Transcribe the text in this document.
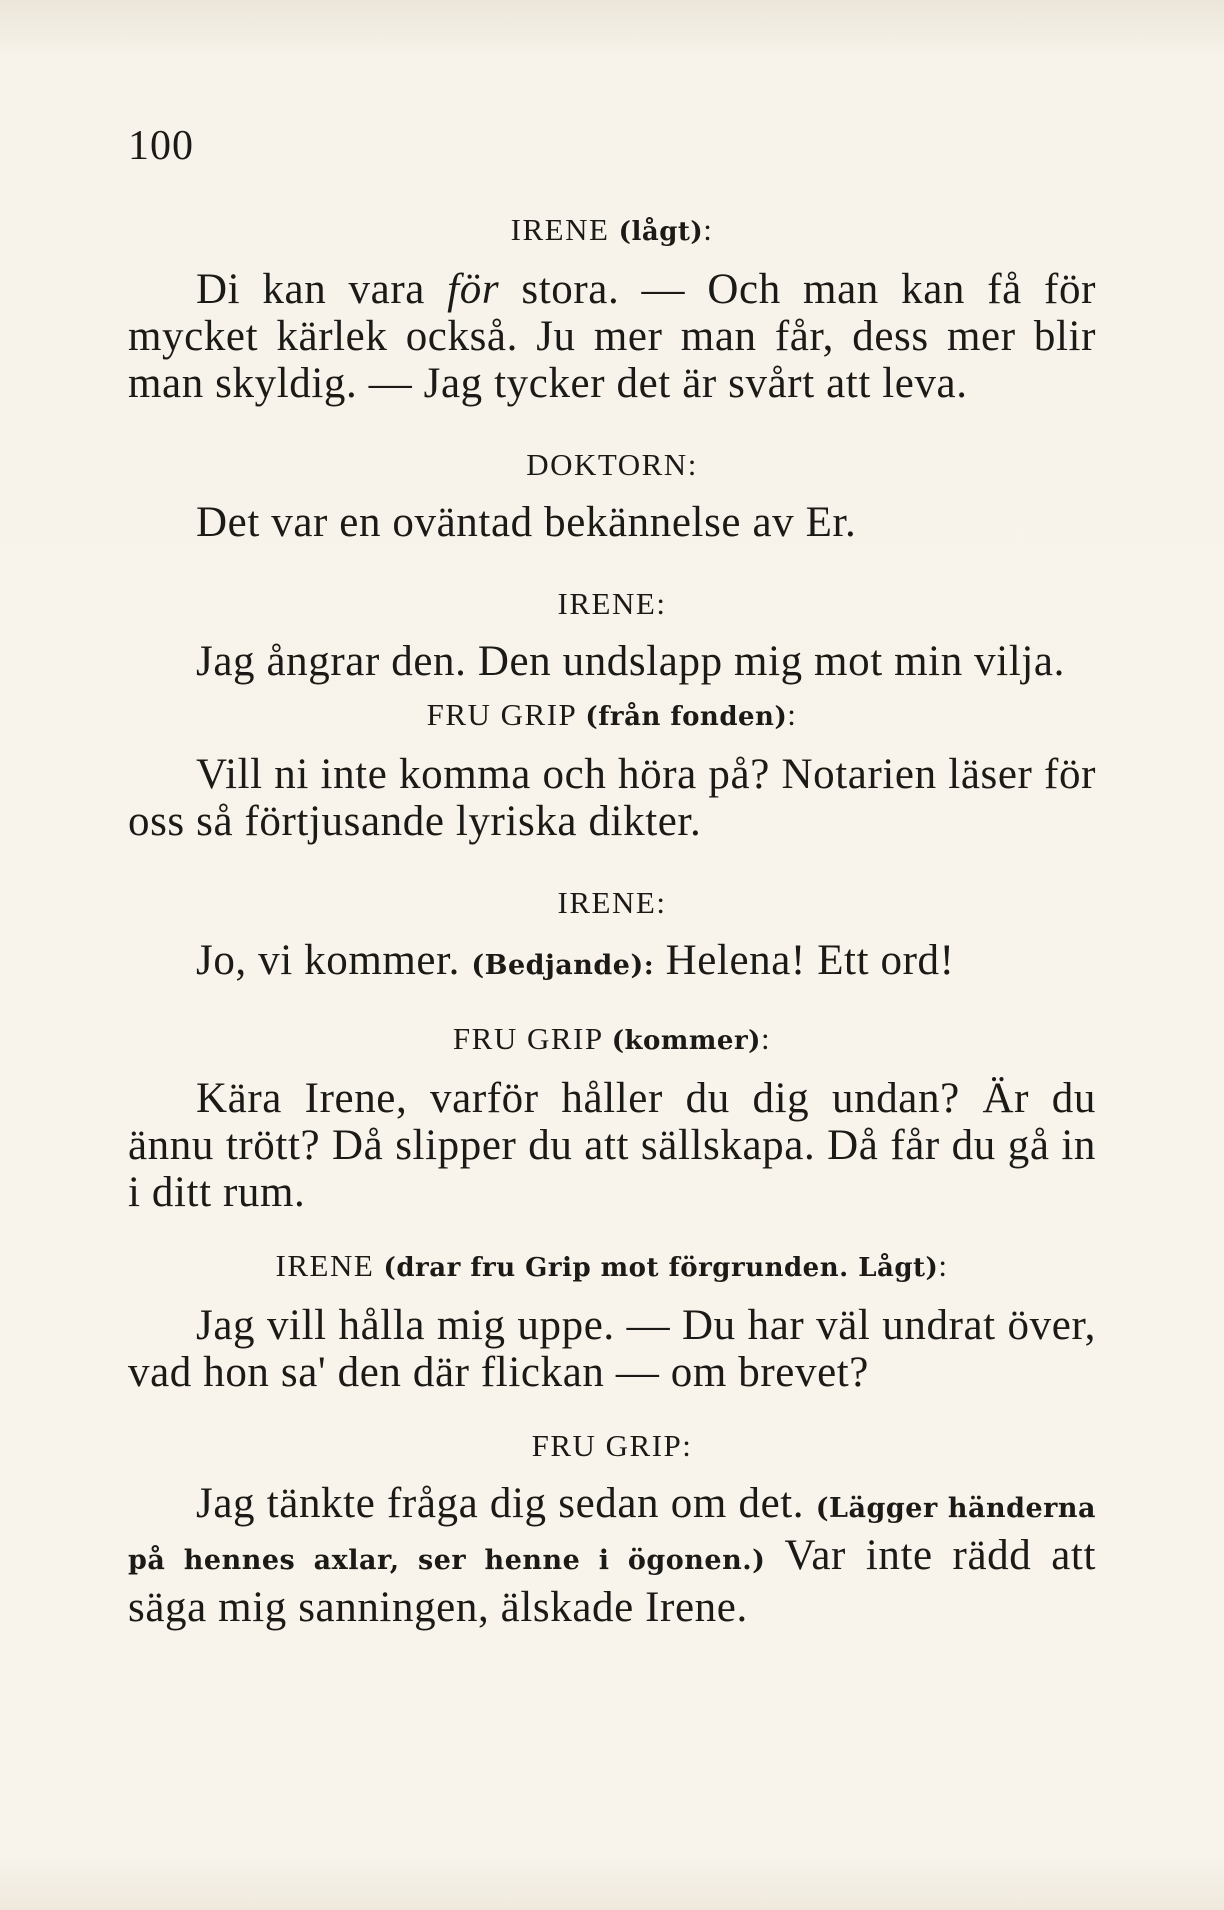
100

IRENE (lågt):

Di kan vara för stora. — Och man kan få för mycket kärlek också. Ju mer man får, dess mer blir man skyldig. — Jag tycker det är svårt att leva.

DOKTORN:

Det var en oväntad bekännelse av Er.

IRENE:

Jag ångrar den. Den undslapp mig mot min vilja.

FRU GRIP (från fonden):

Vill ni inte komma och höra på? Notarien läser för oss så förtjusande lyriska dikter.

IRENE:

Jo, vi kommer. (Bedjande): Helena! Ett ord!

FRU GRIP (kommer):

Kära Irene, varför håller du dig undan? Är du ännu trött? Då slipper du att sällskapa. Då får du gå in i ditt rum.

IRENE (drar fru Grip mot förgrunden. Lågt):

Jag vill hålla mig uppe. — Du har väl undrat över, vad hon sa' den där flickan — om brevet?

FRU GRIP:

Jag tänkte fråga dig sedan om det. (Lägger händerna på hennes axlar, ser henne i ögonen.) Var inte rädd att säga mig sanningen, älskade Irene.
